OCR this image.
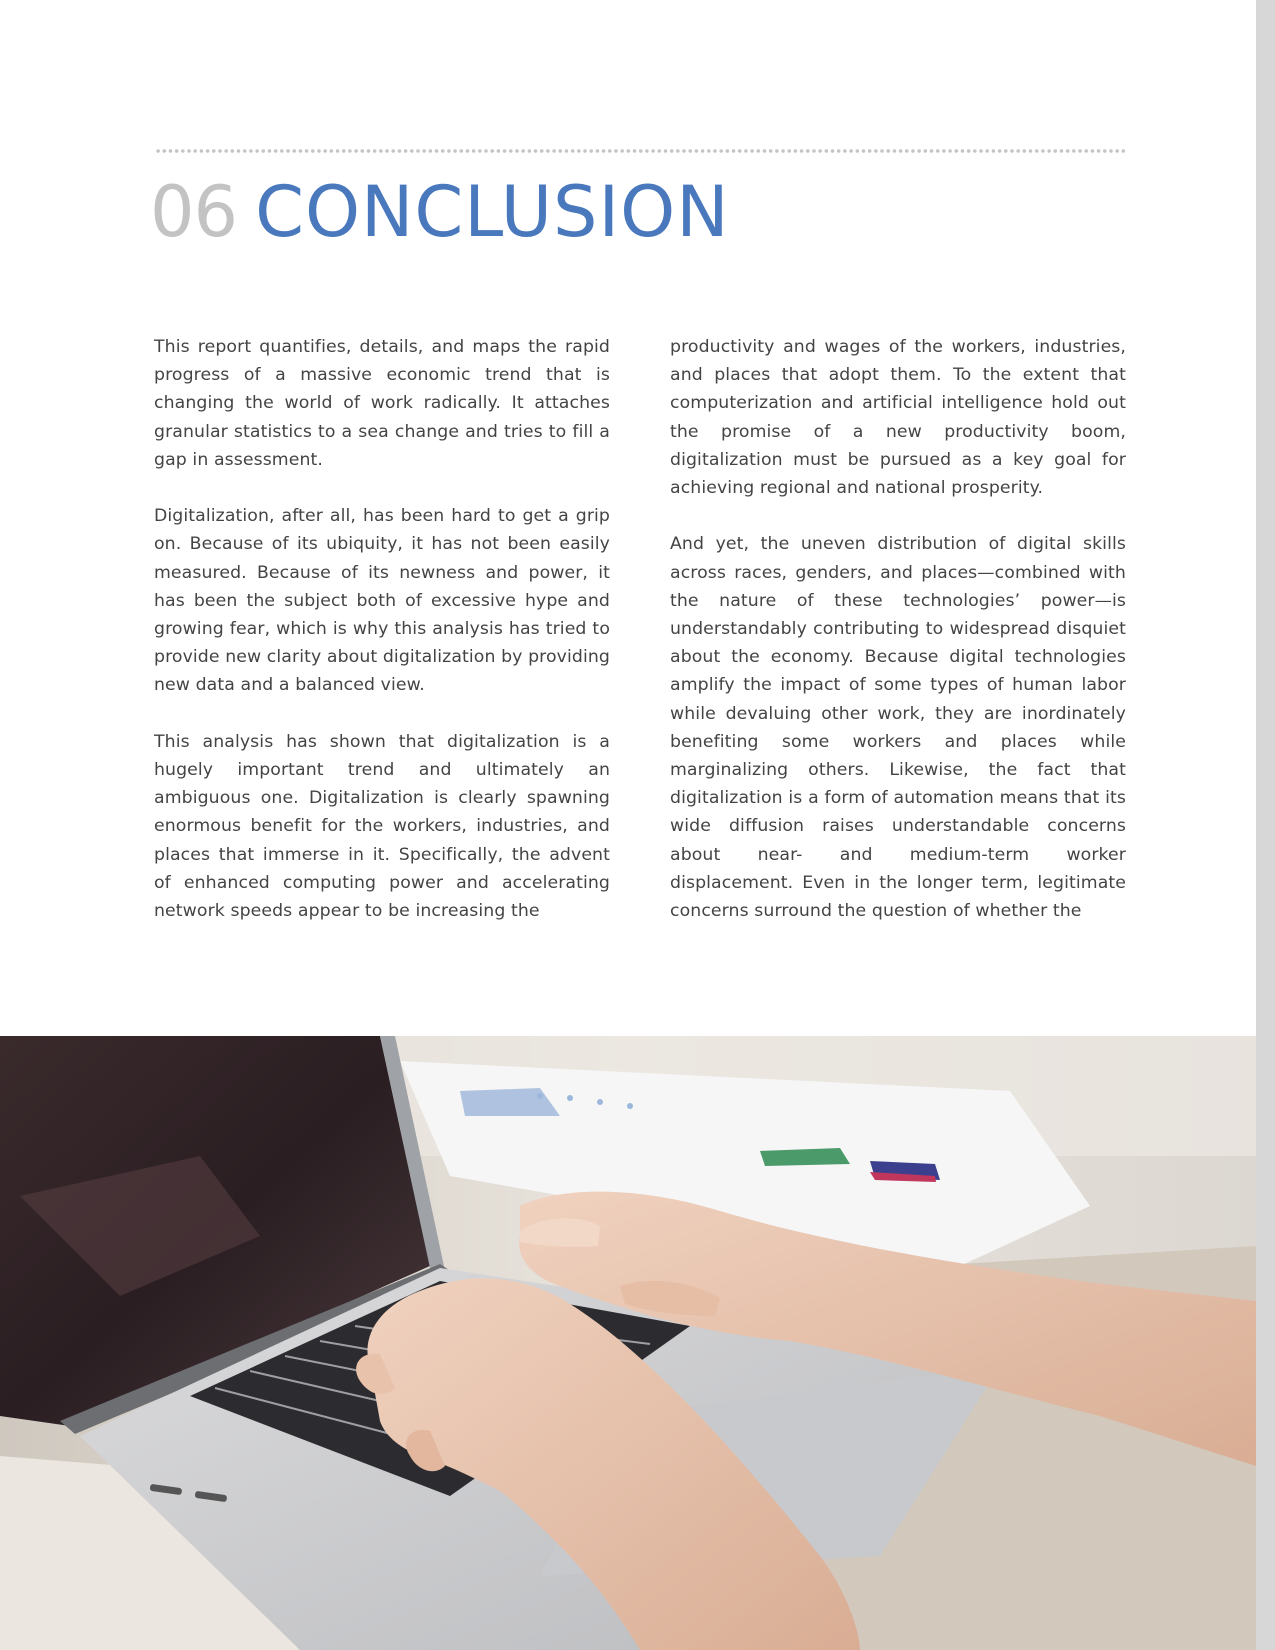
06 CONCLUSION

This report quantifies, details, and maps the rapid progress of a massive economic trend that is changing the world of work radically. It attaches granular statistics to a sea change and tries to fill a gap in assessment.

Digitalization, after all, has been hard to get a grip on. Because of its ubiquity, it has not been easily measured. Because of its newness and power, it has been the subject both of excessive hype and growing fear, which is why this analysis has tried to provide new clarity about digitalization by providing new data and a balanced view.

This analysis has shown that digitalization is a hugely important trend and ultimately an ambiguous one. Digitalization is clearly spawning enormous benefit for the workers, industries, and places that immerse in it. Specifically, the advent of enhanced computing power and accelerating network speeds appear to be increasing the

productivity and wages of the workers, industries, and places that adopt them. To the extent that computerization and artificial intelligence hold out the promise of a new productivity boom, digitalization must be pursued as a key goal for achieving regional and national prosperity.

And yet, the uneven distribution of digital skills across races, genders, and places—combined with the nature of these technologies’ power—is understandably contributing to widespread disquiet about the economy. Because digital technologies amplify the impact of some types of human labor while devaluing other work, they are inordinately benefiting some workers and places while marginalizing others. Likewise, the fact that digitalization is a form of automation means that its wide diffusion raises understandable concerns about near- and medium-term worker displacement. Even in the longer term, legitimate concerns surround the question of whether the
